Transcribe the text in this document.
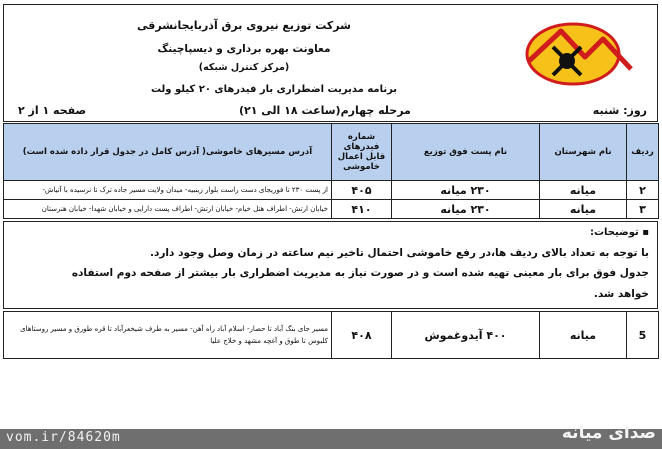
شرکت توزیع نیروی برق آذربایجانشرقی
معاونت بهره برداری و دیسپاچینگ
(مرکز کنترل شبکه)
برنامه مدیریت اضطراری بار فیدرهای ۲۰ کیلو ولت
روز: شنبه
مرحله چهارم(ساعت ۱۸ الی ۲۱)
صفحه ۱ از ۲
ردیف	نام شهرستان	نام پست فوق توزیع	شماره فیدرهای قابل اعمال خاموشی	آدرس مسیرهای خاموشی( آدرس کامل در جدول قرار داده شده است)
۲	میانه	۲۳۰ میانه	۴۰۵	از پست ۲۳۰ تا فوریجای دست راست بلوار زینبیه- میدان ولایت مسیر جاده ترک تا نرسیده با آتیاش-
۳	میانه	۲۳۰ میانه	۴۱۰	خیابان ارتش- اطراف هتل خیام- خیابان ارتش- اطراف پست دارایی و خیابان شهدا- خیابان هنرستان
▪ توضیحات:
با توجه به تعداد بالای ردیف ها،در رفع خاموشی احتمال تاخیر نیم ساعته در زمان وصل وجود دارد.
جدول فوق برای بار معینی تهیه شده است و در صورت نیاز به مدیریت اضطراری بار بیشتر از صفحه دوم استفاده
خواهد شد.
5	میانه	۴۰۰ آیدوغموش	۴۰۸	مسیر جای بنگ آباد تا حصار- اسلام آباد راه آهن- مسیر به طرف شیخعرآباد تا قره طورق و مسیر روستاهای کلبوس تا طوق و آغچه مشهد و خلاج علیا
vom.ir/84620m	صدای میانه
